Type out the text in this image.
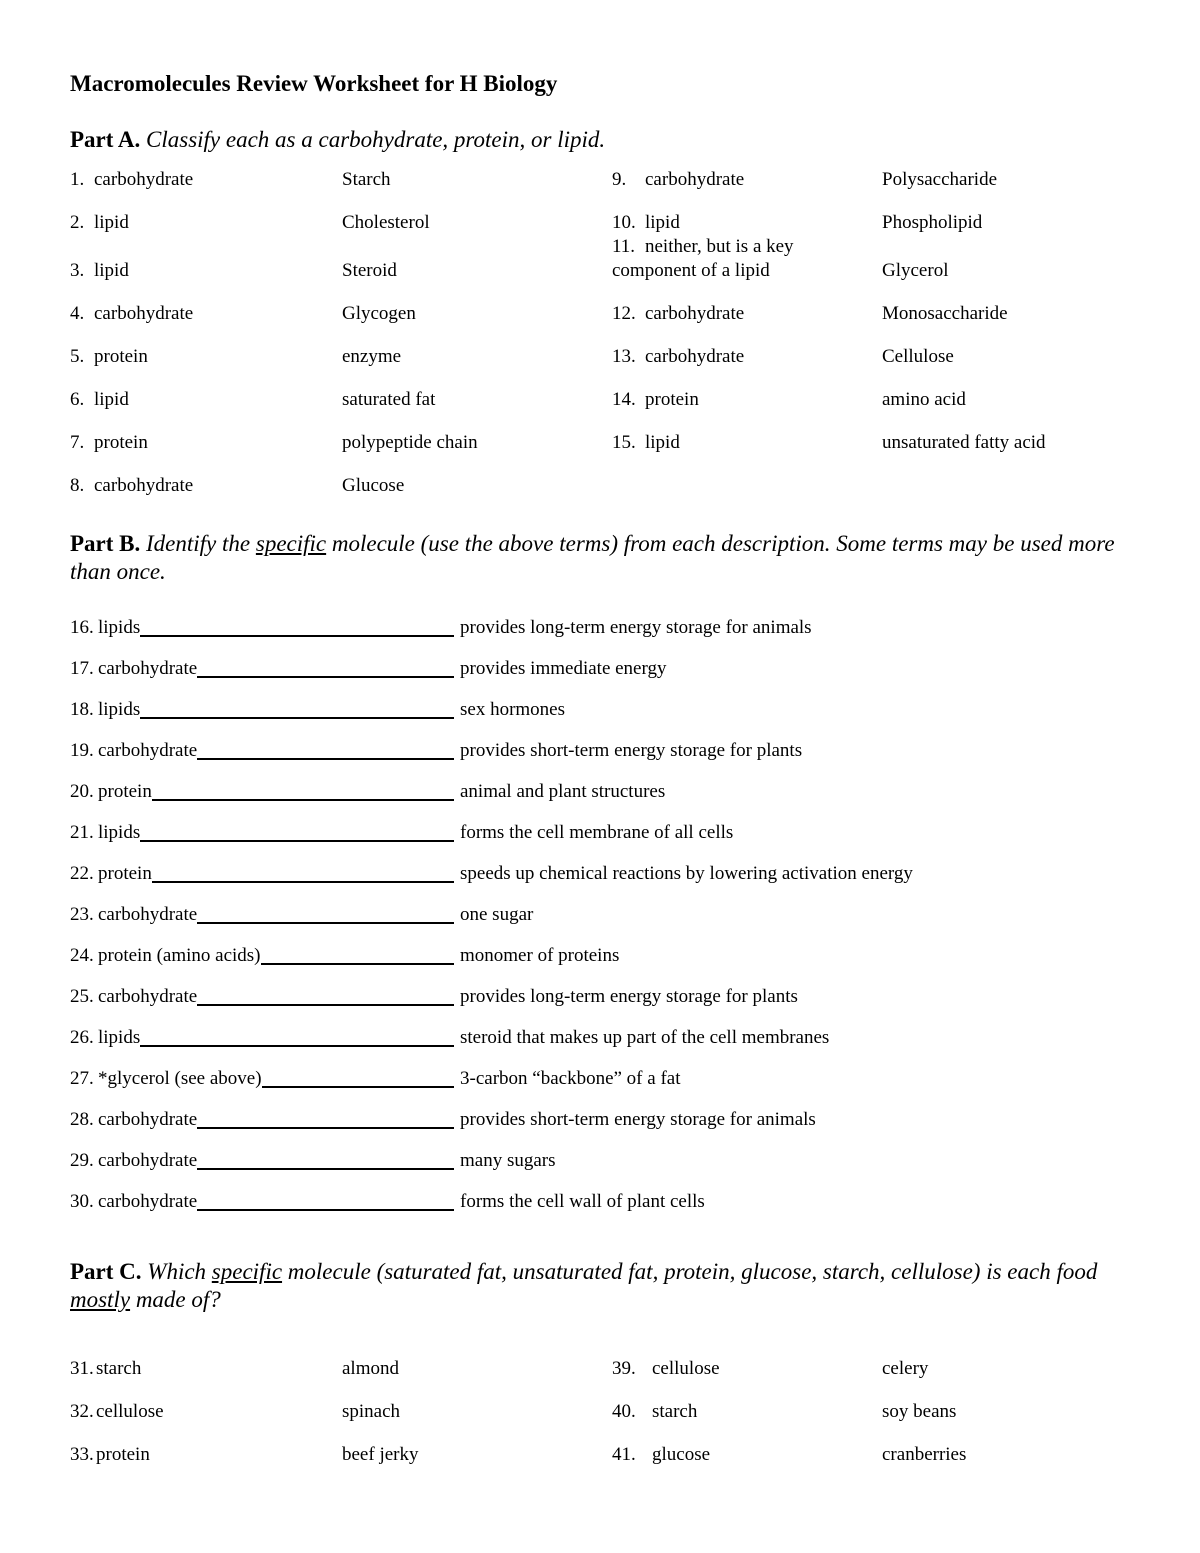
Macromolecules Review Worksheet for H Biology
Part A. Classify each as a carbohydrate, protein, or lipid.
1. carbohydrate	Starch	9. carbohydrate	Polysaccharide
2. lipid	Cholesterol	10. lipid	Phospholipid
3. lipid	Steroid
11. neither, but is a key component of a lipid	Glycerol
4. carbohydrate	Glycogen	12. carbohydrate	Monosaccharide
5. protein	enzyme	13. carbohydrate	Cellulose
6. lipid	saturated fat	14. protein	amino acid
7. protein	polypeptide chain	15. lipid	unsaturated fatty acid
8. carbohydrate	Glucose
Part B. Identify the specific molecule (use the above terms) from each description. Some terms may be used more than once.
16. lipids	provides long-term energy storage for animals
17. carbohydrate	provides immediate energy
18. lipids	sex hormones
19. carbohydrate	provides short-term energy storage for plants
20. protein	animal and plant structures
21. lipids	forms the cell membrane of all cells
22. protein	speeds up chemical reactions by lowering activation energy
23. carbohydrate	one sugar
24. protein (amino acids)	monomer of proteins
25. carbohydrate	provides long-term energy storage for plants
26. lipids	steroid that makes up part of the cell membranes
27. *glycerol (see above)	3-carbon “backbone” of a fat
28. carbohydrate	provides short-term energy storage for animals
29. carbohydrate	many sugars
30. carbohydrate	forms the cell wall of plant cells
Part C. Which specific molecule (saturated fat, unsaturated fat, protein, glucose, starch, cellulose) is each food mostly made of?
31. starch	almond	39. cellulose	celery
32. cellulose	spinach	40. starch	soy beans
33. protein	beef jerky	41. glucose	cranberries
